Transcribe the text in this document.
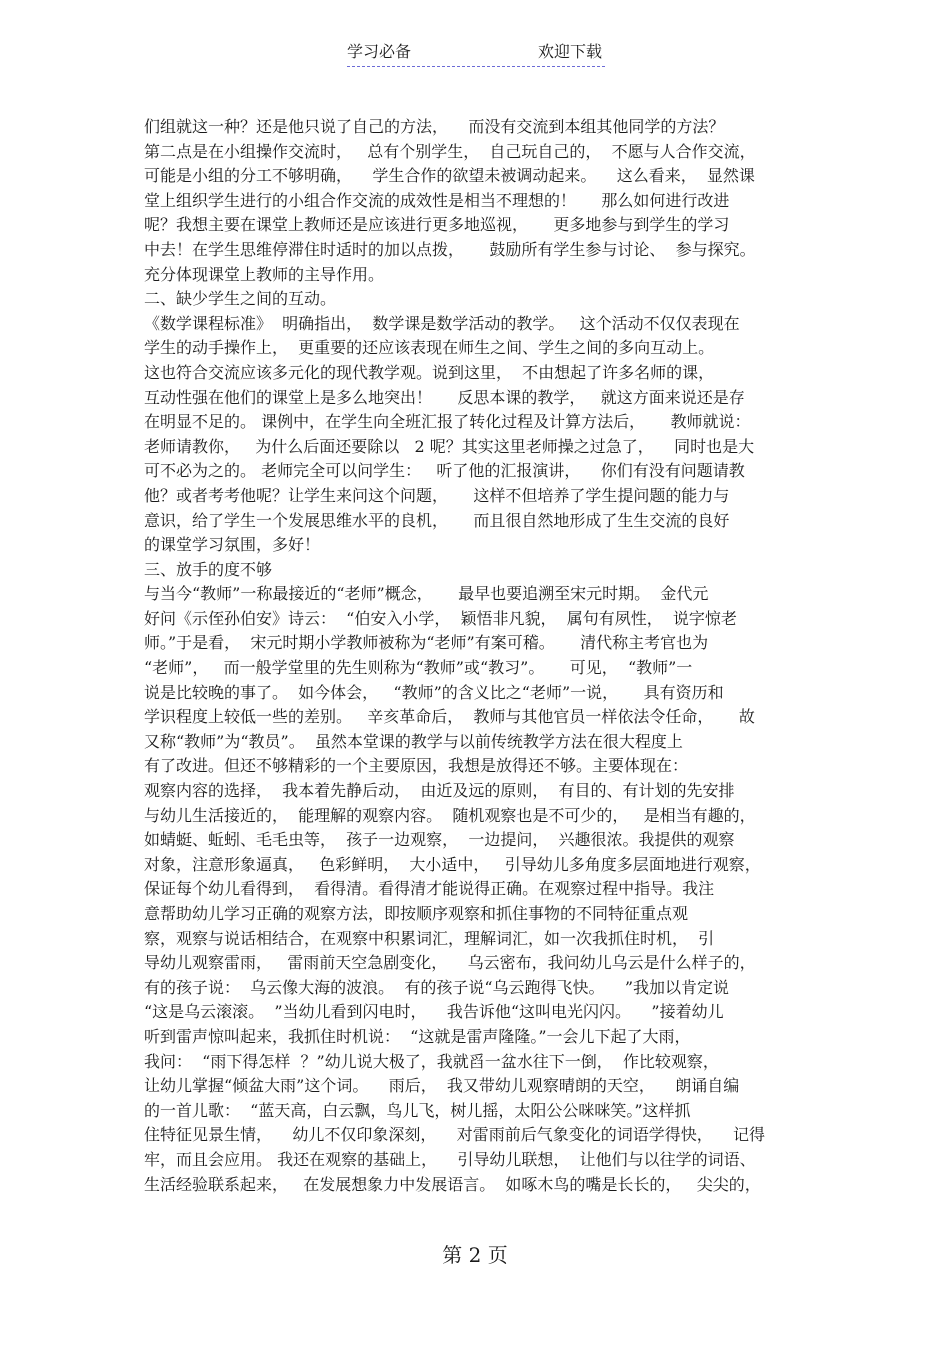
学习必备	欢迎下载
们组就这一种？还是他只说了自己的方法，    而没有交流到本组其他同学的方法？
第二点是在小组操作交流时，   总有个别学生，  自己玩自己的，  不愿与人合作交流，
可能是小组的分工不够明确，    学生合作的欲望未被调动起来。    这么看来，  显然课
堂上组织学生进行的小组合作交流的成效性是相当不理想的！     那么如何进行改进
呢？我想主要在课堂上教师还是应该进行更多地巡视，     更多地参与到学生的学习
中去！在学生思维停滞住时适时的加以点拨，     鼓励所有学生参与讨论、  参与探究。
充分体现课堂上教师的主导作用。
二、缺少学生之间的互动。
《数学课程标准》  明确指出，  数学课是数学活动的教学。   这个活动不仅仅表现在
学生的动手操作上，  更重要的还应该表现在师生之间、学生之间的多向互动上。
这也符合交流应该多元化的现代教学观。说到这里，  不由想起了许多名师的课，
互动性强在他们的课堂上是多么地突出！     反思本课的教学，   就这方面来说还是存
在明显不足的。 课例中，在学生向全班汇报了转化过程及计算方法后，     教师就说：
老师请教你，   为什么后面还要除以   2 呢？其实这里老师操之过急了，    同时也是大
可不必为之的。 老师完全可以问学生：   听了他的汇报演讲，    你们有没有问题请教
他？或者考考他呢？让学生来问这个问题，     这样不但培养了学生提问题的能力与
意识，给了学生一个发展思维水平的良机，     而且很自然地形成了生生交流的良好
的课堂学习氛围，多好！
三、放手的度不够
与当今“教师”一称最接近的“老师”概念，     最早也要追溯至宋元时期。  金代元
好问《示侄孙伯安》诗云：  “伯安入小学，  颖悟非凡貌，  属句有夙性，  说字惊老
师。”于是看，  宋元时期小学教师被称为“老师”有案可稽。     清代称主考官也为
“老师”，   而一般学堂里的先生则称为“教师”或“教习”。     可见，  “教师”一
说是比较晚的事了。  如今体会，   “教师”的含义比之“老师”一说，     具有资历和
学识程度上较低一些的差别。   辛亥革命后，  教师与其他官员一样依法令任命，     故
又称“教师”为“教员”。  虽然本堂课的教学与以前传统教学方法在很大程度上
有了改进。但还不够精彩的一个主要原因，我想是放得还不够。主要体现在：
观察内容的选择，  我本着先静后动，  由近及远的原则，  有目的、有计划的先安排
与幼儿生活接近的，  能理解的观察内容。  随机观察也是不可少的，   是相当有趣的，
如蜻蜓、蚯蚓、毛毛虫等，  孩子一边观察，  一边提问，  兴趣很浓。我提供的观察
对象，注意形象逼真，   色彩鲜明，  大小适中，   引导幼儿多角度多层面地进行观察，
保证每个幼儿看得到，  看得清。看得清才能说得正确。在观察过程中指导。我注
意帮助幼儿学习正确的观察方法，即按顺序观察和抓住事物的不同特征重点观
察，观察与说话相结合，在观察中积累词汇，理解词汇，如一次我抓住时机，  引
导幼儿观察雷雨，   雷雨前天空急剧变化，    乌云密布，我问幼儿乌云是什么样子的，
有的孩子说：  乌云像大海的波浪。  有的孩子说“乌云跑得飞快。    ”我加以肯定说
“这是乌云滚滚。  ”当幼儿看到闪电时，    我告诉他“这叫电光闪闪。    ”接着幼儿
听到雷声惊叫起来，我抓住时机说：  “这就是雷声隆隆。”一会儿下起了大雨，
我问：  “雨下得怎样  ？”幼儿说大极了，我就舀一盆水往下一倒，  作比较观察，
让幼儿掌握“倾盆大雨”这个词。    雨后，  我又带幼儿观察晴朗的天空，    朗诵自编
的一首儿歌：  “蓝天高，白云飘，鸟儿飞，树儿摇，太阳公公咪咪笑。”这样抓
住特征见景生情，    幼儿不仅印象深刻，    对雷雨前后气象变化的词语学得快，    记得
牢，而且会应用。 我还在观察的基础上，    引导幼儿联想，  让他们与以往学的词语、
生活经验联系起来，   在发展想象力中发展语言。  如啄木鸟的嘴是长长的，   尖尖的，
第 2 页
